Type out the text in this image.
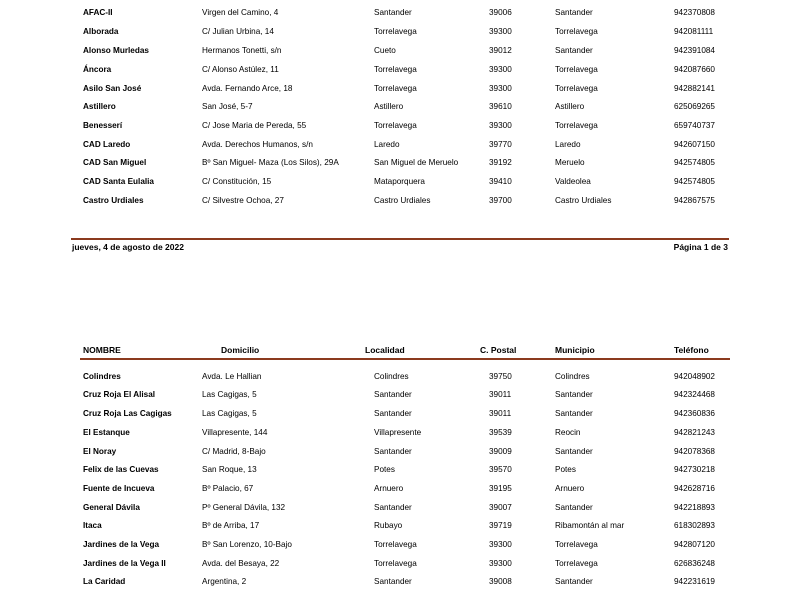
AFAC-II	Virgen del Camino, 4	Santander	39006	Santander	942370808
Alborada	C/ Julian Urbina, 14	Torrelavega	39300	Torrelavega	942081111
Alonso Murledas	Hermanos Tonetti, s/n	Cueto	39012	Santander	942391084
Áncora	C/ Alonso Astúlez, 11	Torrelavega	39300	Torrelavega	942087660
Asilo San José	Avda. Fernando Arce, 18	Torrelavega	39300	Torrelavega	942882141
Astillero	San José, 5-7	Astillero	39610	Astillero	625069265
Benesserí	C/ Jose Maria de Pereda, 55	Torrelavega	39300	Torrelavega	659740737
CAD Laredo	Avda. Derechos Humanos, s/n	Laredo	39770	Laredo	942607150
CAD San Miguel	Bº San Miguel- Maza (Los Silos), 29A	San Miguel de Meruelo	39192	Meruelo	942574805
CAD Santa Eulalia	C/ Constitución, 15	Mataporquera	39410	Valdeolea	942574805
Castro Urdiales	C/ Silvestre Ochoa, 27	Castro Urdiales	39700	Castro Urdiales	942867575
jueves, 4 de agosto de 2022	Página 1 de 3
NOMBRE	Domicilio	Localidad	C. Postal	Municipio	Teléfono
Colindres	Avda. Le Hallian	Colindres	39750	Colindres	942048902
Cruz Roja El Alisal	Las Cagigas, 5	Santander	39011	Santander	942324468
Cruz Roja Las Cagigas	Las Cagigas, 5	Santander	39011	Santander	942360836
El Estanque	Villapresente, 144	Villapresente	39539	Reocin	942821243
El Noray	C/ Madrid, 8-Bajo	Santander	39009	Santander	942078368
Felix de las Cuevas	San Roque, 13	Potes	39570	Potes	942730218
Fuente de Incueva	Bº Palacio, 67	Arnuero	39195	Arnuero	942628716
General Dávila	Pº General Dávila, 132	Santander	39007	Santander	942218893
Itaca	Bº de Arriba, 17	Rubayo	39719	Ribamontán al mar	618302893
Jardines de la Vega	Bº San Lorenzo, 10-Bajo	Torrelavega	39300	Torrelavega	942807120
Jardines de la Vega II	Avda. del Besaya, 22	Torrelavega	39300	Torrelavega	626836248
La Caridad	Argentina, 2	Santander	39008	Santander	942231619
